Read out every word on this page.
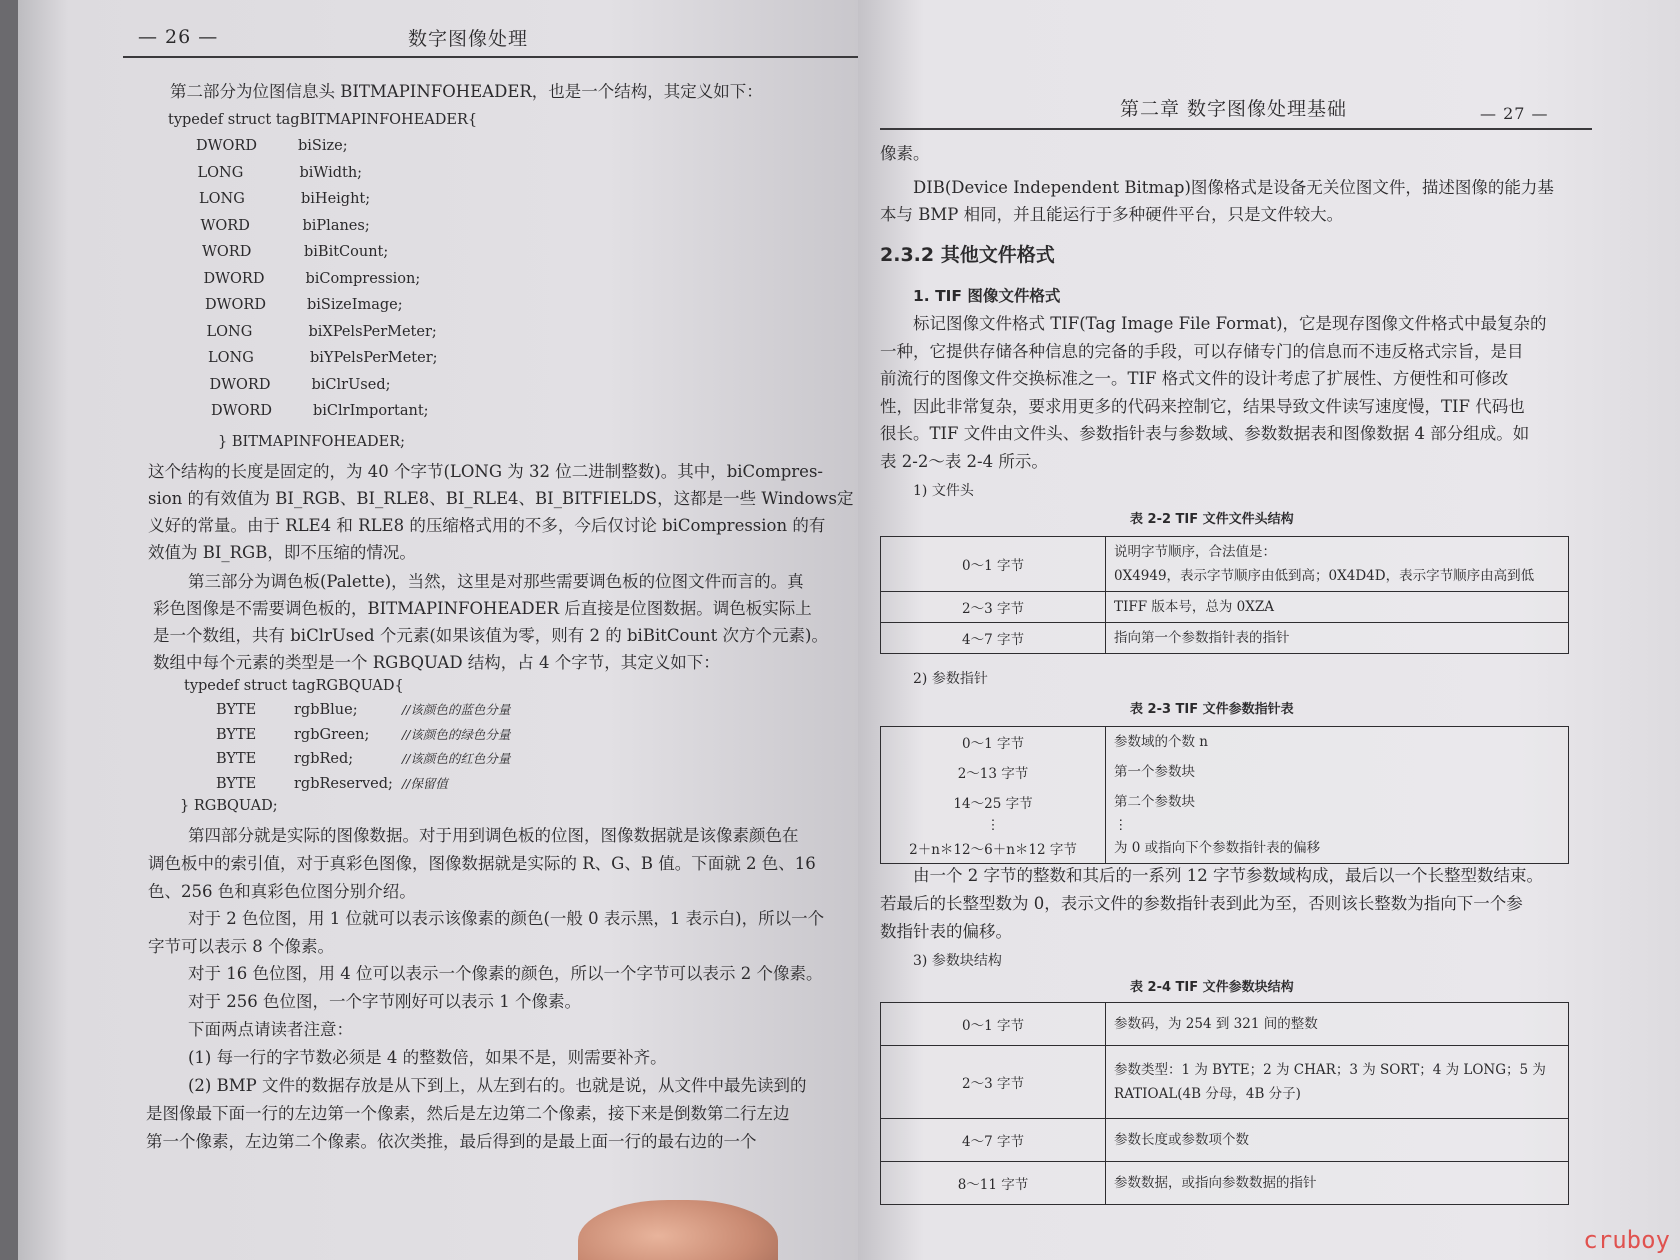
— 26 —	数字图像处理
第二部分为位图信息头 BITMAPINFOHEADER，也是一个结构，其定义如下：
typedef struct tagBITMAPINFOHEADER{
DWORD	biSize;
LONG	biWidth;
LONG	biHeight;
WORD	biPlanes;
WORD	biBitCount;
DWORD	biCompression;
DWORD	biSizeImage;
LONG	biXPelsPerMeter;
LONG	biYPelsPerMeter;
DWORD	biClrUsed;
DWORD	biClrImportant;
} BITMAPINFOHEADER;
这个结构的长度是固定的，为 40 个字节(LONG 为 32 位二进制整数)。其中，biCompres-
sion 的有效值为 BI_RGB、BI_RLE8、BI_RLE4、BI_BITFIELDS，这都是一些 Windows定
义好的常量。由于 RLE4 和 RLE8 的压缩格式用的不多，今后仅讨论 biCompression 的有
效值为 BI_RGB，即不压缩的情况。
第三部分为调色板(Palette)，当然，这里是对那些需要调色板的位图文件而言的。真
彩色图像是不需要调色板的，BITMAPINFOHEADER 后直接是位图数据。调色板实际上
是一个数组，共有 biClrUsed 个元素(如果该值为零，则有 2 的 biBitCount 次方个元素)。
数组中每个元素的类型是一个 RGBQUAD 结构，占 4 个字节，其定义如下：
typedef struct tagRGBQUAD{
BYTE	rgbBlue;	//该颜色的蓝色分量
BYTE	rgbGreen;	//该颜色的绿色分量
BYTE	rgbRed;	//该颜色的红色分量
BYTE	rgbReserved; //保留值
} RGBQUAD;
第四部分就是实际的图像数据。对于用到调色板的位图，图像数据就是该像素颜色在
调色板中的索引值，对于真彩色图像，图像数据就是实际的 R、G、B 值。下面就 2 色、16
色、256 色和真彩色位图分别介绍。
对于 2 色位图，用 1 位就可以表示该像素的颜色(一般 0 表示黑，1 表示白)，所以一个
字节可以表示 8 个像素。
对于 16 色位图，用 4 位可以表示一个像素的颜色，所以一个字节可以表示 2 个像素。
对于 256 色位图，一个字节刚好可以表示 1 个像素。
下面两点请读者注意：
(1) 每一行的字节数必须是 4 的整数倍，如果不是，则需要补齐。
(2) BMP 文件的数据存放是从下到上，从左到右的。也就是说，从文件中最先读到的
是图像最下面一行的左边第一个像素，然后是左边第二个像素，接下来是倒数第二行左边
第一个像素，左边第二个像素。依次类推，最后得到的是最上面一行的最右边的一个
第二章 数字图像处理基础	— 27 —
像素。
DIB(Device Independent Bitmap)图像格式是设备无关位图文件，描述图像的能力基
本与 BMP 相同，并且能运行于多种硬件平台，只是文件较大。
2.3.2 其他文件格式
1. TIF 图像文件格式
标记图像文件格式 TIF(Tag Image File Format)，它是现存图像文件格式中最复杂的
一种，它提供存储各种信息的完备的手段，可以存储专门的信息而不违反格式宗旨，是目
前流行的图像文件交换标准之一。TIF 格式文件的设计考虑了扩展性、方便性和可修改
性，因此非常复杂，要求用更多的代码来控制它，结果导致文件读写速度慢，TIF 代码也
很长。TIF 文件由文件头、参数指针表与参数域、参数数据表和图像数据 4 部分组成。如
表 2-2～表 2-4 所示。
1) 文件头
表 2-2 TIF 文件文件头结构
0～1 字节	说明字节顺序，合法值是：
0X4949，表示字节顺序由低到高；0X4D4D，表示字节顺序由高到低

2～3 字节	TIFF 版本号，总为 0XZA
4～7 字节	指向第一个参数指针表的指针
2) 参数指针
表 2-3 TIF 文件参数指针表
0～1 字节	参数域的个数 n
2～13 字节	第一个参数块
14～25 字节	第二个参数块
⋮	⋮
2＋n＊12～6＋n＊12 字节	为 0 或指向下个参数指针表的偏移
由一个 2 字节的整数和其后的一系列 12 字节参数域构成，最后以一个长整型数结束。
若最后的长整型数为 0，表示文件的参数指针表到此为至，否则该长整数为指向下一个参
数指针表的偏移。
3) 参数块结构
表 2-4 TIF 文件参数块结构
0～1 字节	参数码，为 254 到 321 间的整数
2～3 字节	参数类型：1 为 BYTE；2 为 CHAR；3 为 SORT；4 为 LONG；5 为
RATIOAL(4B 分母，4B 分子)

4～7 字节	参数长度或参数项个数
8～11 字节	参数数据，或指向参数数据的指针
cruboy
